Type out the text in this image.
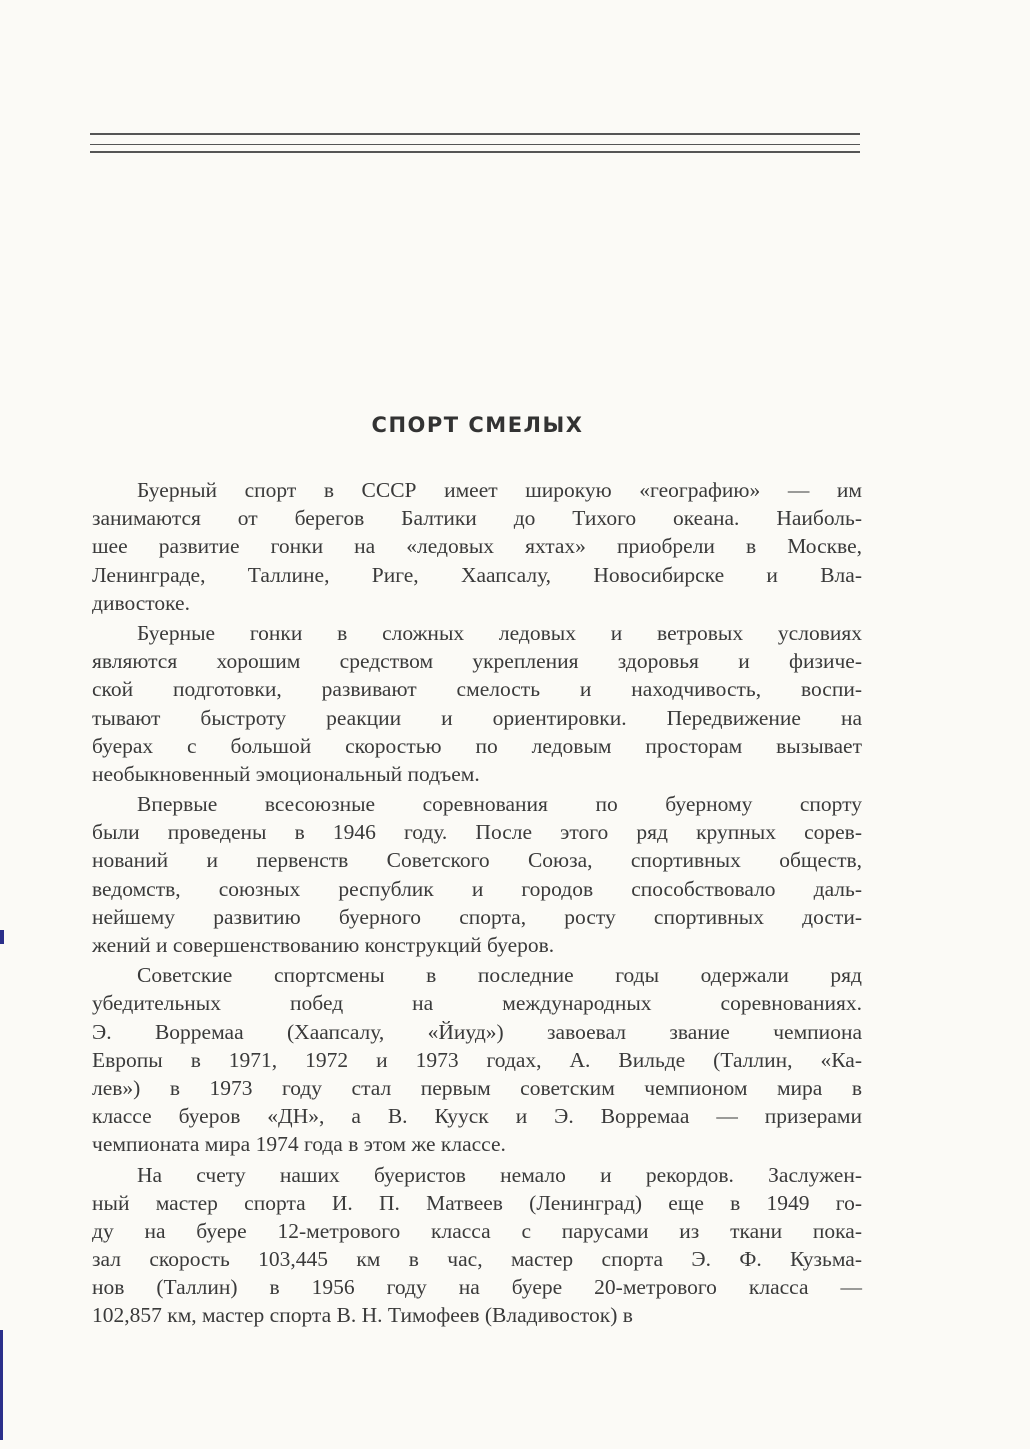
СПОРТ СМЕЛЫХ
Буерный спорт в СССР имеет широкую «географию» — им
занимаются от берегов Балтики до Тихого океана. Наиболь-
шее развитие гонки на «ледовых яхтах» приобрели в Москве,
Ленинграде, Таллине, Риге, Хаапсалу, Новосибирске и Вла-
дивостоке.
Буерные гонки в сложных ледовых и ветровых условиях
являются хорошим средством укрепления здоровья и физиче-
ской подготовки, развивают смелость и находчивость, воспи-
тывают быстроту реакции и ориентировки. Передвижение на
буерах с большой скоростью по ледовым просторам вызывает
необыкновенный эмоциональный подъем.
Впервые всесоюзные соревнования по буерному спорту
были проведены в 1946 году. После этого ряд крупных сорев-
нований и первенств Советского Союза, спортивных обществ,
ведомств, союзных республик и городов способствовало даль-
нейшему развитию буерного спорта, росту спортивных дости-
жений и совершенствованию конструкций буеров.
Советские спортсмены в последние годы одержали ряд
убедительных побед на международных соревнованиях.
Э. Ворремаа (Хаапсалу, «Йиуд») завоевал звание чемпиона
Европы в 1971, 1972 и 1973 годах, А. Вильде (Таллин, «Ка-
лев») в 1973 году стал первым советским чемпионом мира в
классе буеров «ДН», а В. Кууск и Э. Ворремаа — призерами
чемпионата мира 1974 года в этом же классе.
На счету наших буеристов немало и рекордов. Заслужен-
ный мастер спорта И. П. Матвеев (Ленинград) еще в 1949 го-
ду на буере 12-метрового класса с парусами из ткани пока-
зал скорость 103,445 км в час, мастер спорта Э. Ф. Кузьма-
нов (Таллин) в 1956 году на буере 20-метрового класса —
102,857 км, мастер спорта В. Н. Тимофеев (Владивосток) в
